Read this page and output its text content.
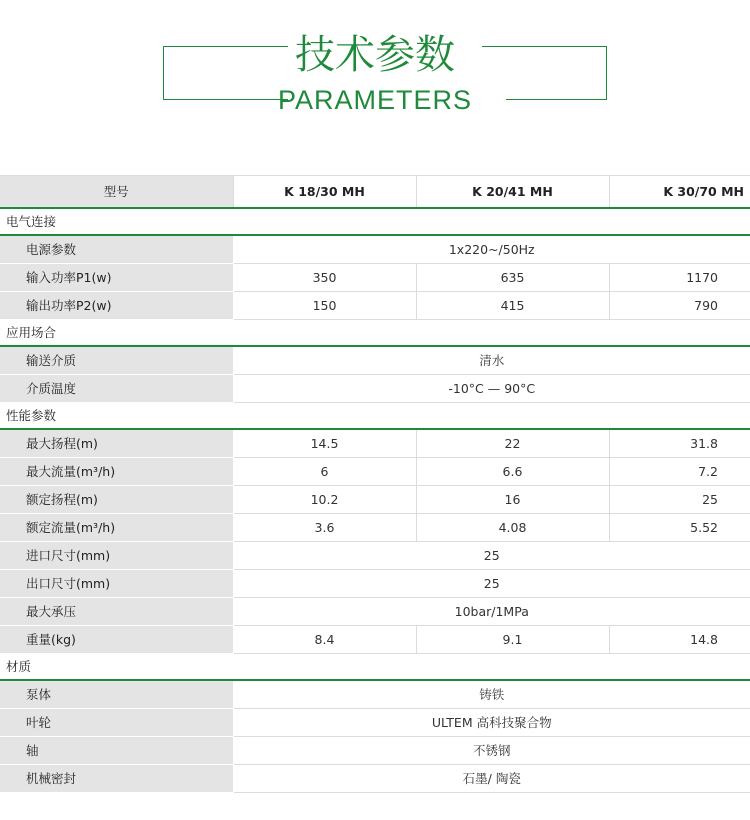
技术参数
PARAMETERS
型号	K 18/30 MH	K 20/41 MH	K 30/70 MH
电气连接			
电源参数	1x220~/50Hz		
输入功率P1(w)	350	635	1170
输出功率P2(w)	150	415	790
应用场合			
输送介质	清水		
介质温度	-10°C — 90°C		
性能参数			
最大扬程(m)	14.5	22	31.8
最大流量(m³/h)	6	6.6	7.2
额定扬程(m)	10.2	16	25
额定流量(m³/h)	3.6	4.08	5.52
进口尺寸(mm)	25		
出口尺寸(mm)	25		
最大承压	10bar/1MPa		
重量(kg)	8.4	9.1	14.8
材质			
泵体	铸铁		
叶轮	ULTEM 高科技聚合物		
轴	不锈钢		
机械密封	石墨/ 陶瓷		
